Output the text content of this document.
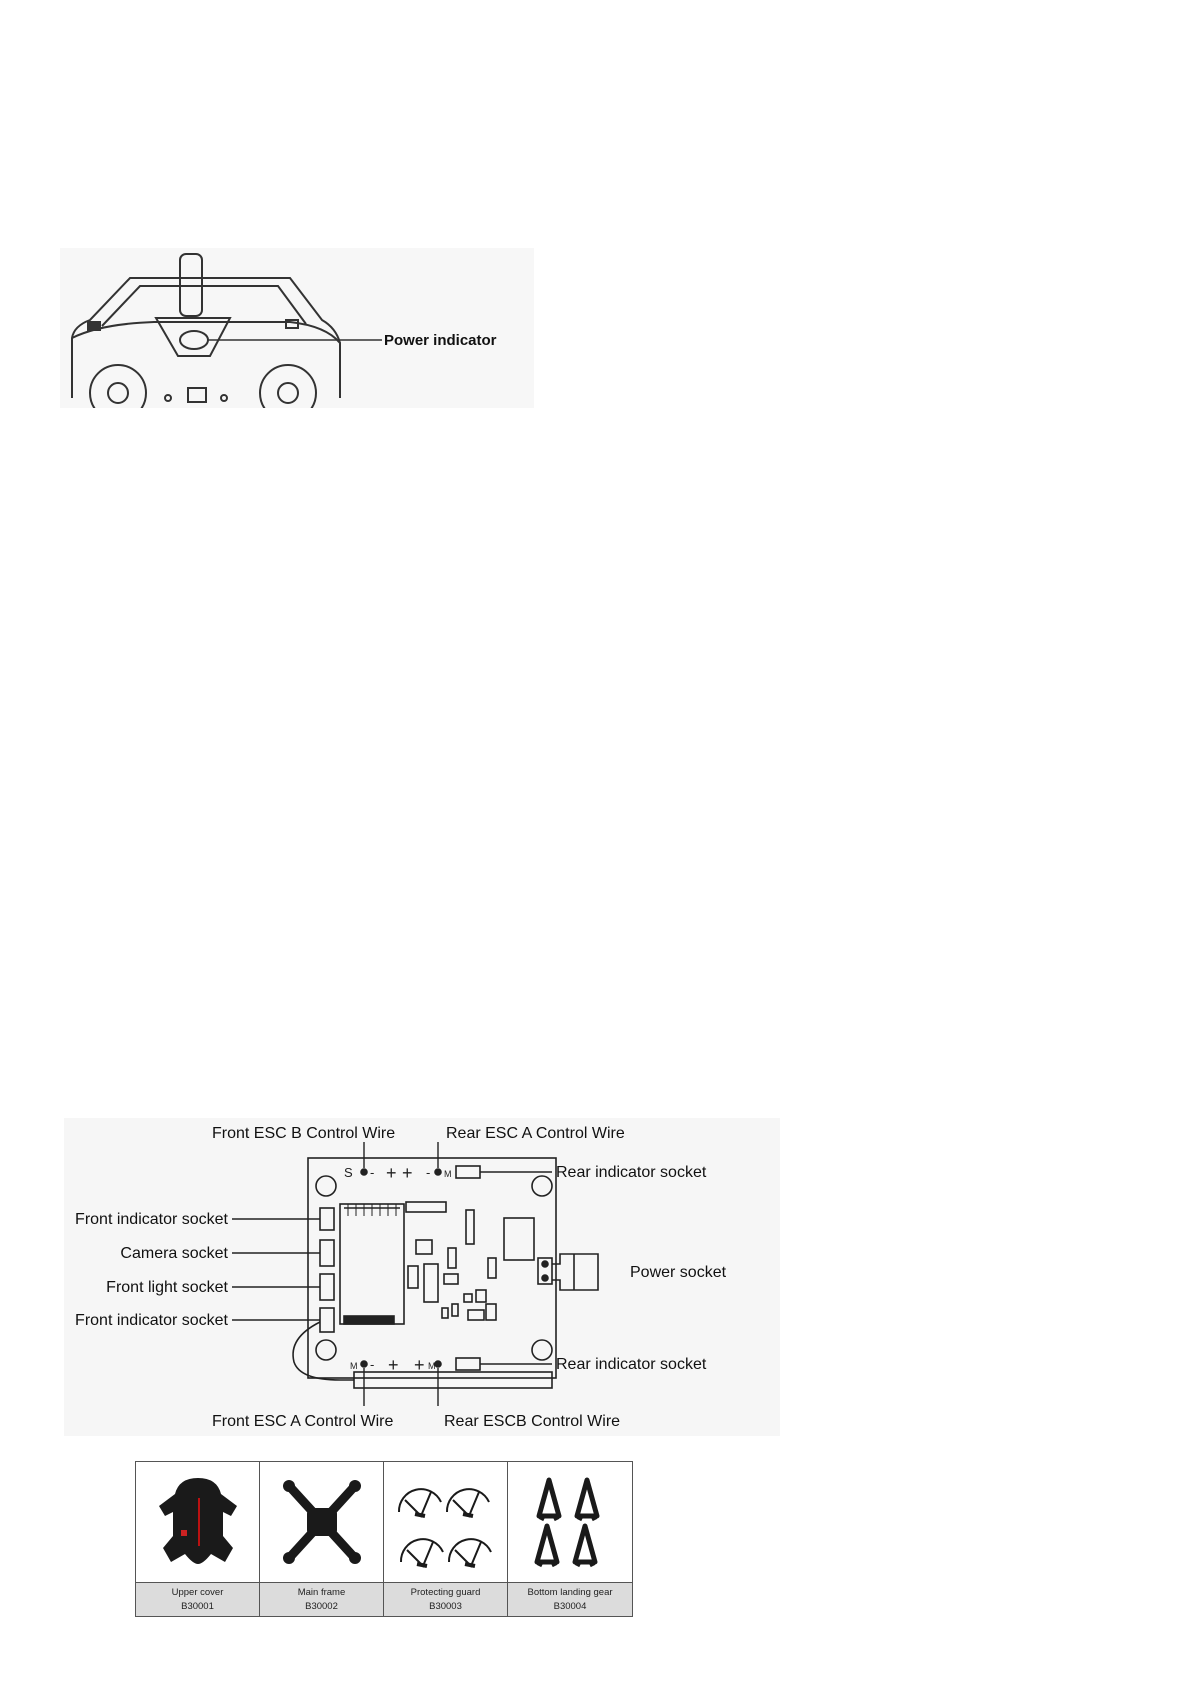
Power indicator
S - + + - M
M - + + M
Front ESC B Control Wire	Rear ESC A Control Wire
Front ESC A Control Wire	Rear ESCB Control Wire
Front indicator socket
Camera socket
Front light socket
Front indicator socket
Rear indicator socket
Power socket
Rear indicator socket
Upper cover
B30001
Main frame
B30002
Protecting guard
B30003
Bottom landing gear
B30004
